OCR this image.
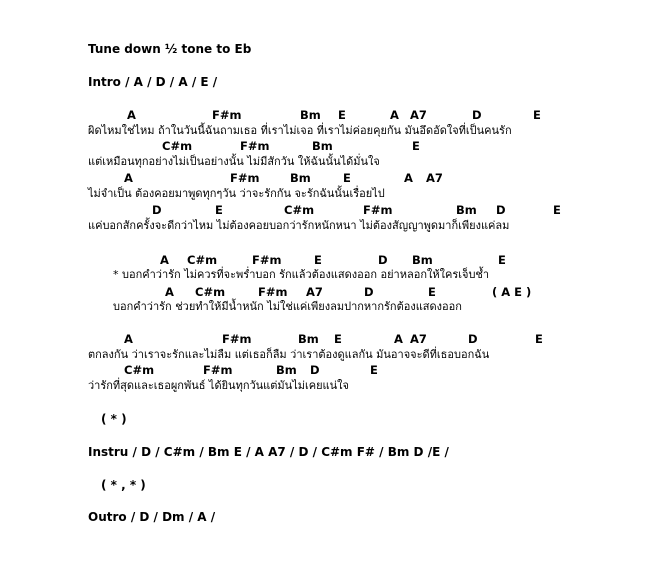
Tune down ½ tone to Eb
Intro / A / D / A / E /
ผิดไหมใช่ไหม ถ้าในวันนี้ฉันถามเธอ ที่เราไม่เจอ ที่เราไม่ค่อยคุยกัน มันอึดอัดใจที่เป็นคนรัก
แต่เหมือนทุกอย่างไม่เป็นอย่างนั้น ไม่มีสักวัน ให้ฉันนั้นได้มั่นใจ
ไม่จำเป็น ต้องคอยมาพูดทุกๆวัน ว่าจะรักกัน จะรักฉันนั้นเรื่อยไป
แค่บอกสักครั้งจะดีกว่าไหม ไม่ต้องคอยบอกว่ารักหนักหนา ไม่ต้องสัญญาพูดมาก็เพียงแค่ลม
* บอกคำว่ารัก ไม่ควรที่จะพร่ำบอก รักแล้วต้องแสดงออก อย่าหลอกให้ใครเจ็บช้ำ
บอกคำว่ารัก ช่วยทำให้มีน้ำหนัก ไม่ใช่แค่เพียงลมปากหากรักต้องแสดงออก
ตกลงกัน ว่าเราจะรักและไม่ลืม แต่เธอก็ลืม ว่าเราต้องดูแลกัน มันอาจจะดีที่เธอบอกฉัน
ว่ารักที่สุดและเธอผูกพันธ์ ได้ยินทุกวันแต่มันไม่เคยแน่ใจ
( * )
Instru / D / C#m / Bm E / A A7 / D / C#m F# / Bm D /E /
( * , * )
Outro / D / Dm / A /
A	F#m	Bm E	A A7	D	E
C#m	F#m	Bm	E
A	F#m	Bm	E	A A7
D	E	C#m	F#m	Bm D	E
A C#m	F#m	E	D Bm	E
A C#m	F#m A7	D	E	( A E )
A	F#m	Bm E	A A7	D	E
C#m	F#m	Bm D	E
